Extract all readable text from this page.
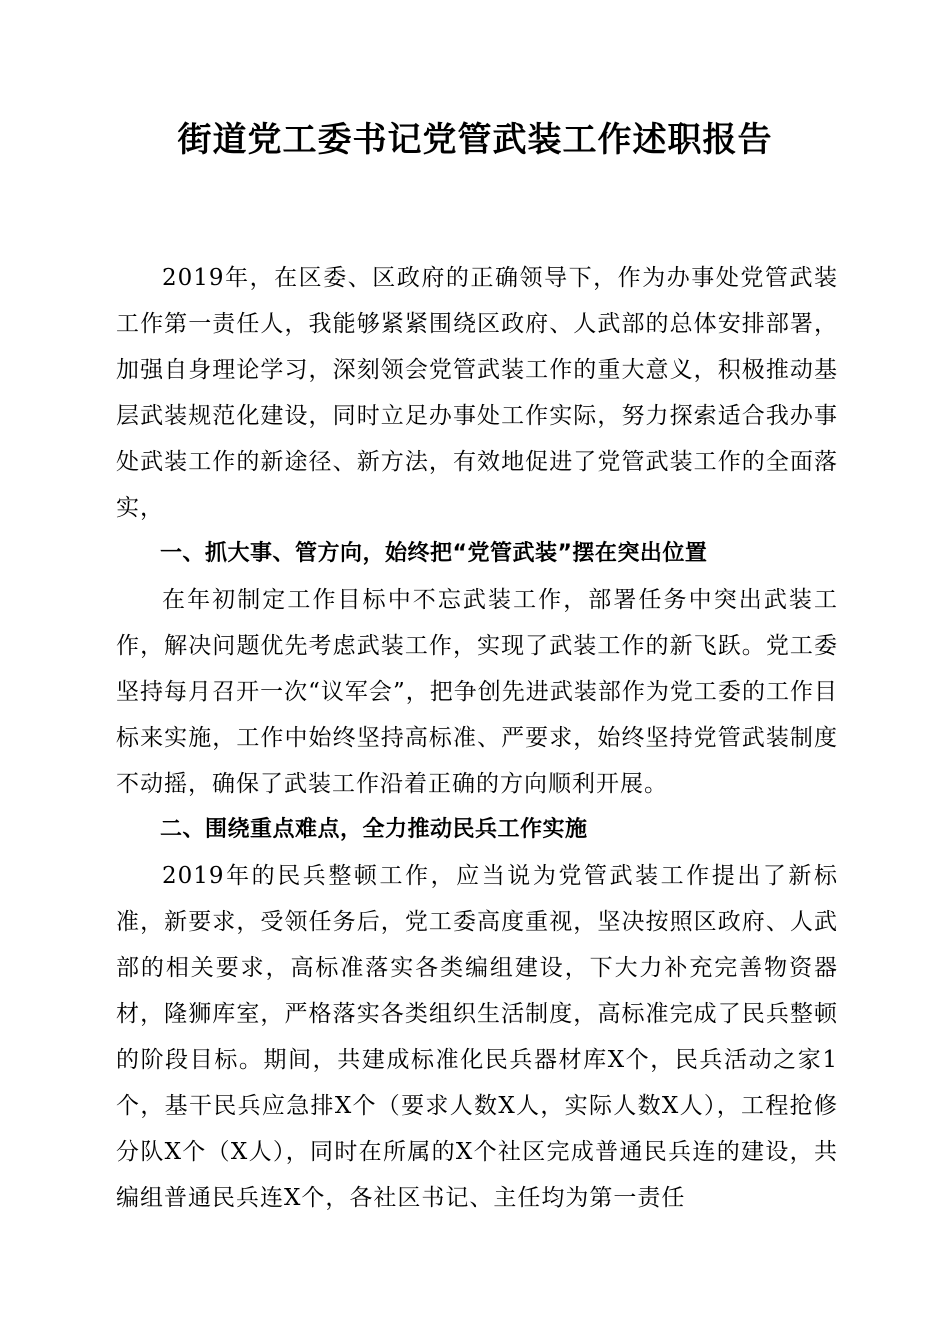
街道党工委书记党管武装工作述职报告

2019年，在区委、区政府的正确领导下，作为办事处党管武装工作第一责任人，我能够紧紧围绕区政府、人武部的总体安排部署，加强自身理论学习，深刻领会党管武装工作的重大意义，积极推动基层武装规范化建设，同时立足办事处工作实际，努力探索适合我办事处武装工作的新途径、新方法，有效地促进了党管武装工作的全面落实，

一、抓大事、管方向，始终把“党管武装”摆在突出位置

在年初制定工作目标中不忘武装工作，部署任务中突出武装工作，解决问题优先考虑武装工作，实现了武装工作的新飞跃。党工委坚持每月召开一次“议军会”，把争创先进武装部作为党工委的工作目标来实施，工作中始终坚持高标准、严要求，始终坚持党管武装制度不动摇，确保了武装工作沿着正确的方向顺利开展。

二、围绕重点难点，全力推动民兵工作实施

2019年的民兵整顿工作，应当说为党管武装工作提出了新标准，新要求，受领任务后，党工委高度重视，坚决按照区政府、人武部的相关要求，高标准落实各类编组建设，下大力补充完善物资器材，隆狮库室，严格落实各类组织生活制度，高标准完成了民兵整顿的阶段目标。期间，共建成标准化民兵器材库X个，民兵活动之家1个，基干民兵应急排X个（要求人数X人，实际人数X人），工程抢修分队X个（X人），同时在所属的X个社区完成普通民兵连的建设，共编组普通民兵连X个，各社区书记、主任均为第一责任
